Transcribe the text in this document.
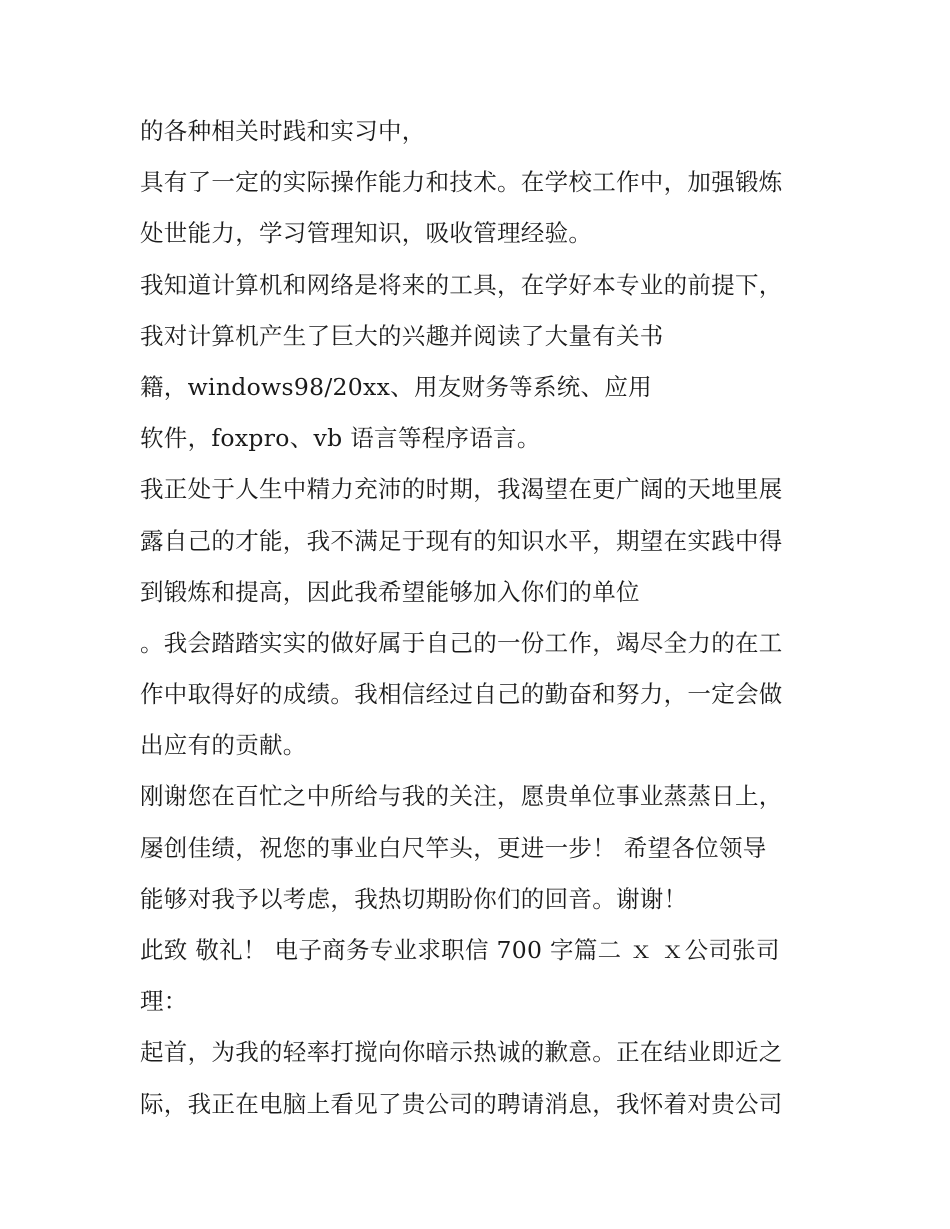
的各种相关时践和实习中，
具有了一定的实际操作能力和技术。在学校工作中，加强锻炼
处世能力，学习管理知识，吸收管理经验。
我知道计算机和网络是将来的工具，在学好本专业的前提下，
我对计算机产生了巨大的兴趣并阅读了大量有关书
籍，windows98/20xx、用友财务等系统、应用
软件，foxpro、vb 语言等程序语言。
我正处于人生中精力充沛的时期，我渴望在更广阔的天地里展
露自己的才能，我不满足于现有的知识水平，期望在实践中得
到锻炼和提高，因此我希望能够加入你们的单位
。我会踏踏实实的做好属于自己的一份工作，竭尽全力的在工
作中取得好的成绩。我相信经过自己的勤奋和努力，一定会做
出应有的贡献。
刚谢您在百忙之中所给与我的关注，愿贵单位事业蒸蒸日上，
屡创佳绩，祝您的事业白尺竿头，更进一步！ 希望各位领导
能够对我予以考虑，我热切期盼你们的回音。谢谢！
此致 敬礼！ 电子商务专业求职信 700 字篇二 ｘ ｘ公司张司
理：
起首，为我的轻率打搅向你暗示热诚的歉意。正在结业即近之
际，我正在电脑上看见了贵公司的聘请消息，我怀着对贵公司
